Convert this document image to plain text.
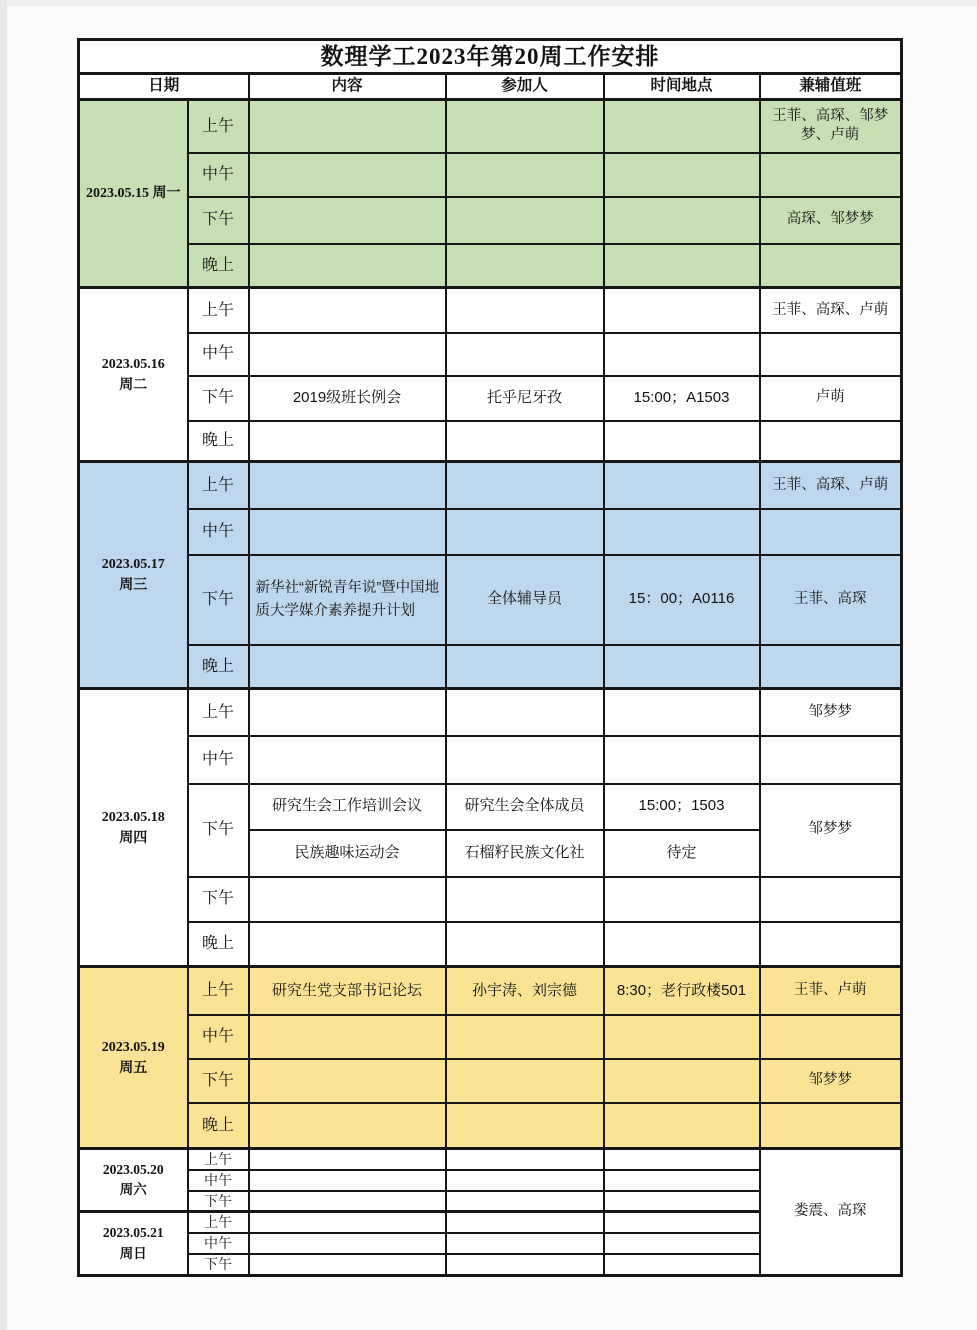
数理学工2023年第20周工作安排					
日期		内容	参加人	时间地点	兼辅值班

2023.05.15 周一	上午				王菲、高琛、邹梦梦、卢萌
	中午				
	下午				高琛、邹梦梦
	晚上				

2023.05.16
周二	上午				王菲、高琛、卢萌
	中午				
	下午	2019级班长例会	托乎尼牙孜	15:00；A1503	卢萌
	晚上				

2023.05.17
周三	上午				王菲、高琛、卢萌
	中午				
	下午	新华社“新锐青年说”暨中国地质大学媒介素养提升计划	全体辅导员	15：00；A0116	王菲、高琛
	晚上				

2023.05.18
周四	上午				邹梦梦
	中午				
	下午	研究生会工作培训会议	研究生会全体成员	15:00；1503	邹梦梦
		民族趣味运动会	石榴籽民族文化社	待定	
	下午				
	晚上				

2023.05.19
周五	上午	研究生党支部书记论坛	孙宇涛、刘宗德	8:30；老行政楼501	王菲、卢萌
	中午				
	下午				邹梦梦
	晚上				

2023.05.20
周六	上午				娄震、高琛
	中午				
	下午				

2023.05.21
周日	上午				
	中午				
	下午				
